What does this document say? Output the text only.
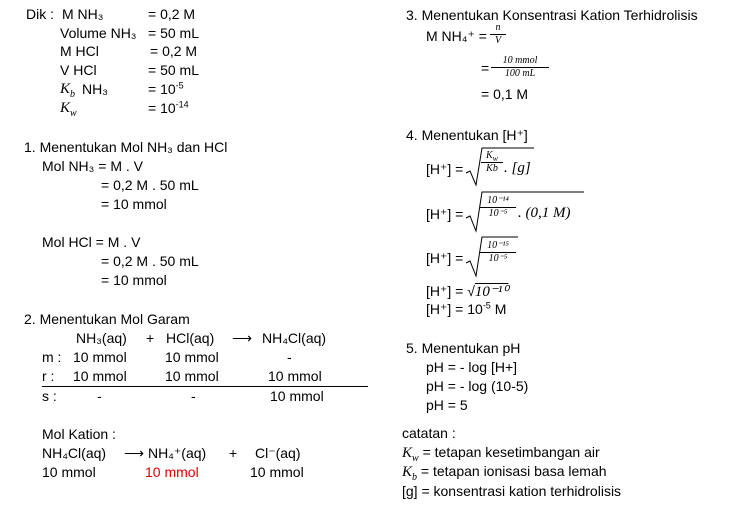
Dik : M NH₃	= 0,2 M
Volume NH₃ = 50 mL
M HCl	= 0,2 M
V HCl	= 50 mL
$K_b$ NH₃	= $10^{-5}$
$K_w$	= $10^{-14}$
1. Menentukan Mol NH₃ dan HCl
Mol NH₃ = M . V
= 0,2 M . 50 mL
= 10 mmol
Mol HCl = M . V
= 0,2 M . 50 mL
= 10 mmol
2. Menentukan Mol Garam
NH₃(aq) + HCl(aq) ⟶ NH₄Cl(aq)
m : 10 mmol	10 mmol	-
r : 10 mmol	10 mmol	10 mmol
s :	-	-	10 mmol
Mol Kation :
NH₄Cl(aq) ⟶ NH₄⁺(aq) + Cl⁻(aq)
10 mmol	10 mmol	10 mmol
3. Menentukan Konsentrasi Kation Terhidrolisis
M NH₄⁺ =
n
V
=	10 mmol
100 mL
= 0,1 M
4. Menentukan [H⁺]
[H⁺] =
$K_w$
Kb . [g]
[H⁺] =
10⁻¹⁴
10⁻⁵ . (0,1 M)
[H⁺] =
10⁻¹⁵
10⁻⁵
[H⁺] = √10⁻¹⁰
$[H^+] = 10^{-5}$ M
5. Menentukan pH
pH = - log [H+]
pH = - log (10-5)
pH = 5
catatan :
$K_w$ = tetapan kesetimbangan air
$K_b$ = tetapan ionisasi basa lemah
[g] = konsentrasi kation terhidrolisis
